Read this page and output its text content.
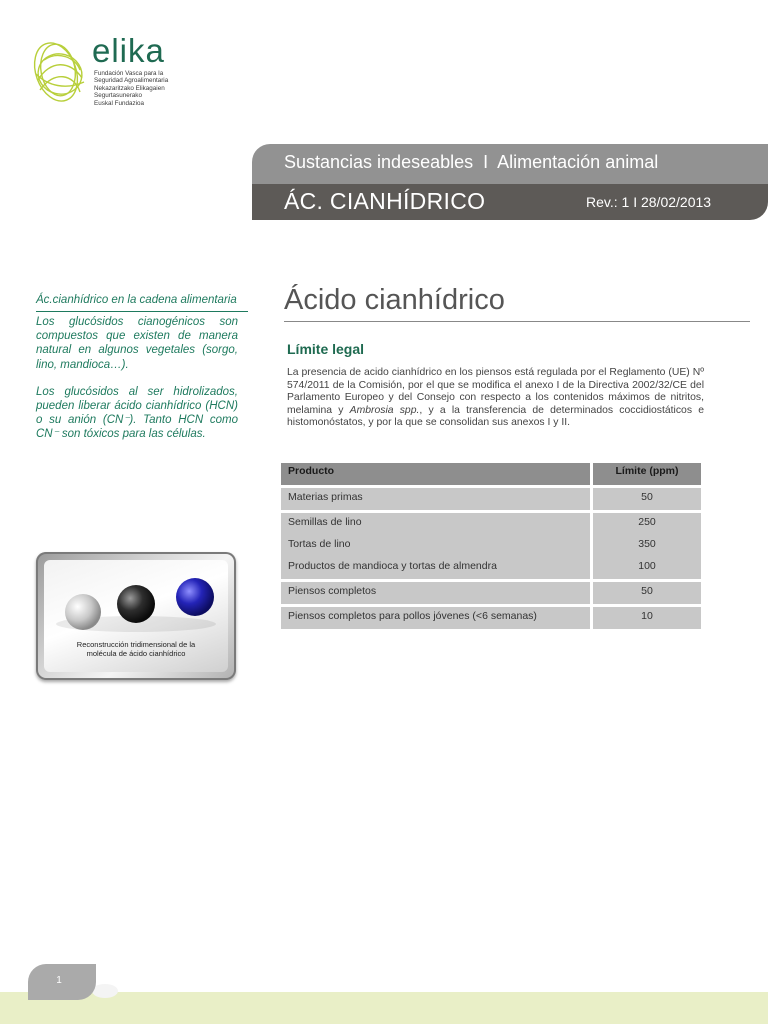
elika
Fundación Vasca para la
Seguridad Agroalimentaria
Nekazaritzako Elikagaien
Segurtasunerako
Euskal Fundazioa
Sustancias indeseables  I  Alimentación animal
ÁC. CIANHÍDRICO	Rev.: 1 I 28/02/2013
Ác.cianhídrico en la cadena alimentaria

Los glucósidos cianogénicos son compuestos que existen de manera natural en algunos vegetales (sorgo, lino, mandioca…).

Los glucósidos al ser hidrolizados, pueden liberar ácido cianhídrico (HCN) o su anión (CN⁻). Tanto HCN como CN⁻ son tóxicos para las células.

Reconstrucción tridimensional de la
molécula de ácido cianhídrico
Ácido cianhídrico
Límite legal

La presencia de acido cianhídrico en los piensos está regulada por el Reglamento (UE) Nº 574/2011 de la Comisión, por el que se modifica el anexo I de la Directiva 2002/32/CE del Parlamento Europeo y del Consejo con respecto a los contenidos máximos de nitritos, melamina y Ambrosia spp., y a la transferencia de determinados coccidiostáticos e histomonóstatos, y por la que se consolidan sus anexos I y II.

Producto	Límite (ppm)
Materias primas	50
Semillas de lino	250
Tortas de lino	350
Productos de mandioca y tortas de almendra	100
Piensos completos	50
Piensos completos para pollos jóvenes (<6 semanas)	10
1
